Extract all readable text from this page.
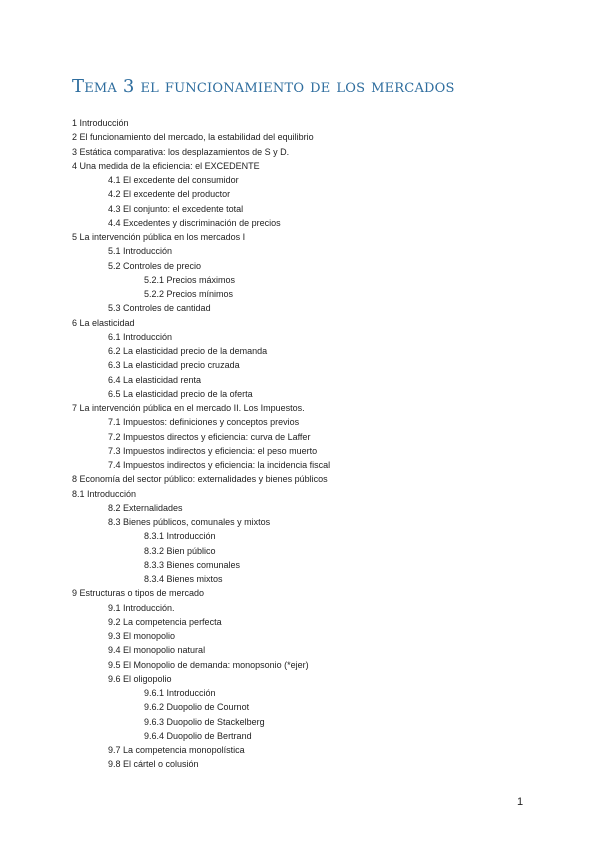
Tema 3 el funcionamiento de los mercados
1 Introducción
2 El funcionamiento del mercado, la estabilidad del equilibrio
3 Estática comparativa: los desplazamientos de S y D.
4 Una medida de la eficiencia: el EXCEDENTE
4.1 El excedente del consumidor
4.2 El excedente del productor
4.3 El conjunto: el excedente total
4.4 Excedentes y discriminación de precios
5 La intervención pública en los mercados I
5.1 Introducción
5.2 Controles de precio
5.2.1 Precios máximos
5.2.2 Precios mínimos
5.3 Controles de cantidad
6 La elasticidad
6.1 Introducción
6.2 La elasticidad precio de la demanda
6.3 La elasticidad precio cruzada
6.4 La elasticidad renta
6.5 La elasticidad precio de la oferta
7 La intervención pública en el mercado II. Los Impuestos.
7.1 Impuestos: definiciones y conceptos previos
7.2 Impuestos directos y eficiencia: curva de Laffer
7.3 Impuestos indirectos y eficiencia: el peso muerto
7.4 Impuestos indirectos y eficiencia: la incidencia fiscal
8 Economía del sector público: externalidades y bienes públicos
8.1 Introducción
8.2 Externalidades
8.3 Bienes públicos, comunales y mixtos
8.3.1 Introducción
8.3.2 Bien público
8.3.3 Bienes comunales
8.3.4 Bienes mixtos
9 Estructuras o tipos de mercado
9.1 Introducción.
9.2 La competencia perfecta
9.3 El monopolio
9.4 El monopolio natural
9.5 El Monopolio de demanda: monopsonio (*ejer)
9.6 El oligopolio
9.6.1 Introducción
9.6.2 Duopolio de Cournot
9.6.3 Duopolio de Stackelberg
9.6.4 Duopolio de Bertrand
9.7 La competencia monopolística
9.8 El cártel o colusión
1
